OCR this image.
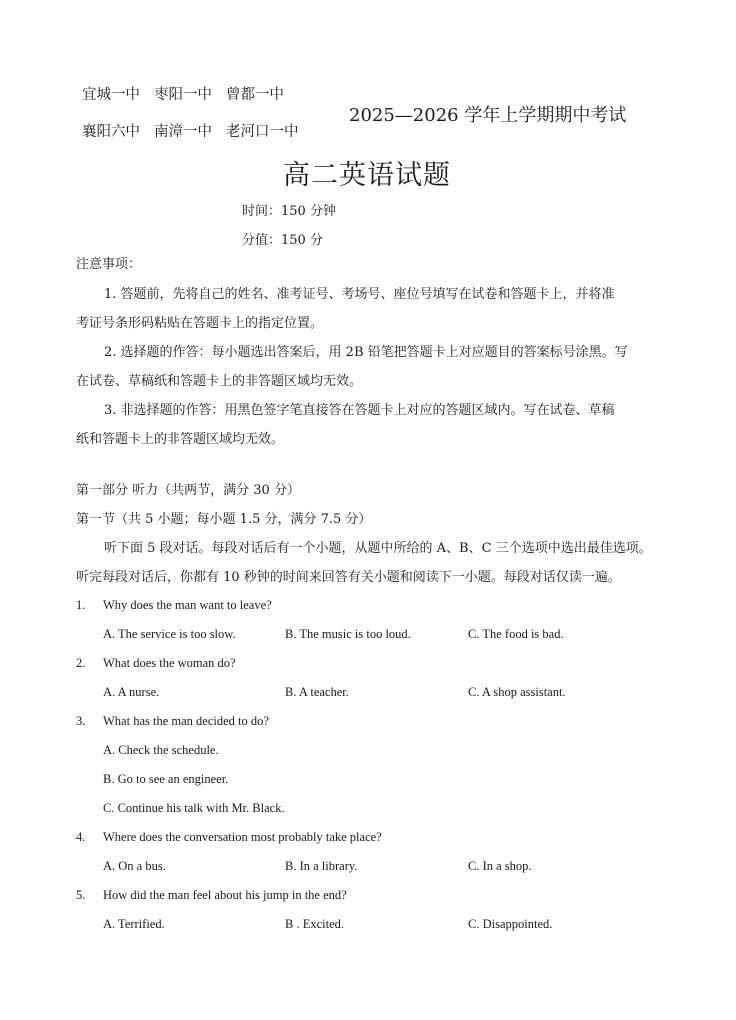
宜城一中 枣阳一中 曾都一中
襄阳六中 南漳一中 老河口一中
2025—2026 学年上学期期中考试
高二英语试题
时间：150 分钟
分值：150 分
注意事项：
1. 答题前，先将自己的姓名、准考证号、考场号、座位号填写在试卷和答题卡上，并将准
考证号条形码粘贴在答题卡上的指定位置。
2. 选择题的作答：每小题选出答案后，用 2B 铅笔把答题卡上对应题目的答案标号涂黑。写
在试卷、草稿纸和答题卡上的非答题区域均无效。
3. 非选择题的作答：用黑色签字笔直接答在答题卡上对应的答题区域内。写在试卷、草稿
纸和答题卡上的非答题区域均无效。
第一部分 听力（共两节，满分 30 分）
第一节（共 5 小题；每小题 1.5 分，满分 7.5 分）
听下面 5 段对话。每段对话后有一个小题，从题中所给的 A、B、C 三个选项中选出最佳选项。
听完每段对话后，你都有 10 秒钟的时间来回答有关小题和阅读下一小题。每段对话仅读一遍。
1. Why does the man want to leave?
A. The service is too slow.	B. The music is too loud.	C. The food is bad.
2. What does the woman do?
A. A nurse.	B. A teacher.	C. A shop assistant.
3. What has the man decided to do?
A. Check the schedule.
B. Go to see an engineer.
C. Continue his talk with Mr. Black.
4. Where does the conversation most probably take place?
A. On a bus.	B. In a library.	C. In a shop.
5. How did the man feel about his jump in the end?
A. Terrified.	B . Excited.	C. Disappointed.
